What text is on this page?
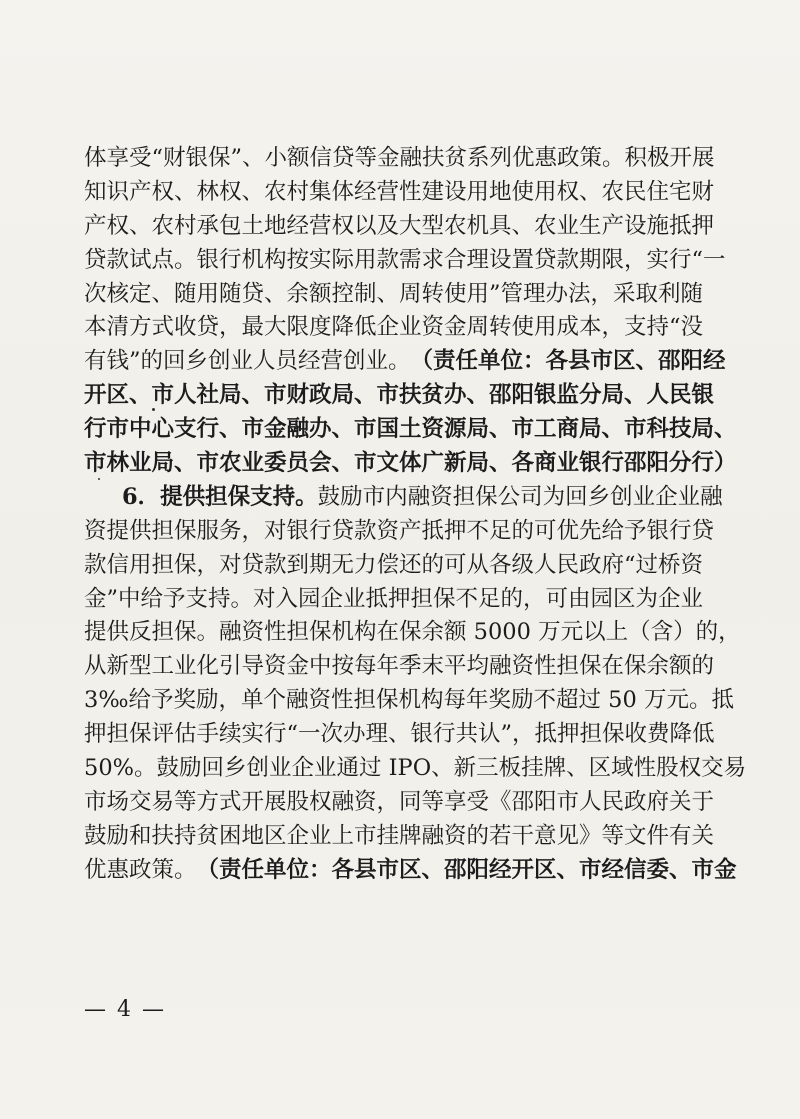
体享受“财银保”、小额信贷等金融扶贫系列优惠政策。积极开展
知识产权、林权、农村集体经营性建设用地使用权、农民住宅财
产权、农村承包土地经营权以及大型农机具、农业生产设施抵押
贷款试点。银行机构按实际用款需求合理设置贷款期限，实行“一
次核定、随用随贷、余额控制、周转使用”管理办法，采取利随
本清方式收贷，最大限度降低企业资金周转使用成本，支持“没
有钱”的回乡创业人员经营创业。（责任单位：各县市区、邵阳经
开区、市人社局、市财政局、市扶贫办、邵阳银监分局、人民银
行市中心支行、市金融办、市国土资源局、市工商局、市科技局、
市林业局、市农业委员会、市文体广新局、各商业银行邵阳分行）
6．提供担保支持。鼓励市内融资担保公司为回乡创业企业融
资提供担保服务，对银行贷款资产抵押不足的可优先给予银行贷
款信用担保，对贷款到期无力偿还的可从各级人民政府“过桥资
金”中给予支持。对入园企业抵押担保不足的，可由园区为企业
提供反担保。融资性担保机构在保余额 5000 万元以上（含）的，
从新型工业化引导资金中按每年季末平均融资性担保在保余额的
3‰给予奖励，单个融资性担保机构每年奖励不超过 50 万元。抵
押担保评估手续实行“一次办理、银行共认”，抵押担保收费降低
50%。鼓励回乡创业企业通过 IPO、新三板挂牌、区域性股权交易
市场交易等方式开展股权融资，同等享受《邵阳市人民政府关于
鼓励和扶持贫困地区企业上市挂牌融资的若干意见》等文件有关
优惠政策。（责任单位：各县市区、邵阳经开区、市经信委、市金
— 4 —
